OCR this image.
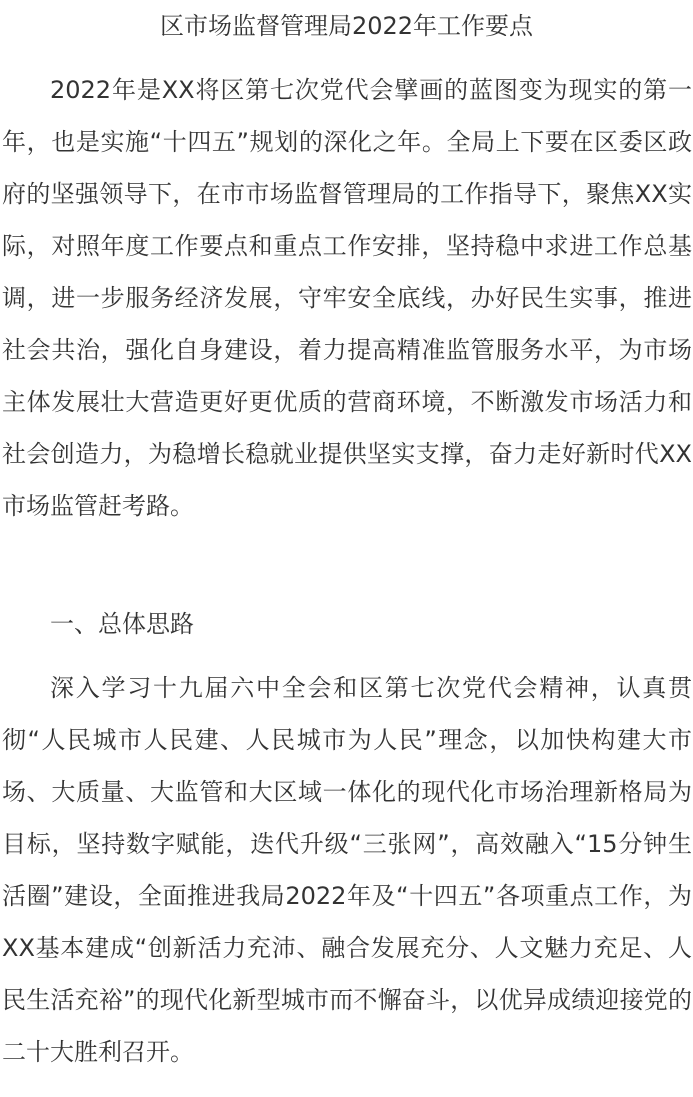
区市场监督管理局2022年工作要点

2022年是XX将区第七次党代会擘画的蓝图变为现实的第一年，也是实施“十四五”规划的深化之年。全局上下要在区委区政府的坚强领导下，在市市场监督管理局的工作指导下，聚焦XX实际，对照年度工作要点和重点工作安排，坚持稳中求进工作总基调，进一步服务经济发展，守牢安全底线，办好民生实事，推进社会共治，强化自身建设，着力提高精准监管服务水平，为市场主体发展壮大营造更好更优质的营商环境，不断激发市场活力和社会创造力，为稳增长稳就业提供坚实支撑，奋力走好新时代XX市场监管赶考路。

一、总体思路

深入学习十九届六中全会和区第七次党代会精神，认真贯彻“人民城市人民建、人民城市为人民”理念，以加快构建大市场、大质量、大监管和大区域一体化的现代化市场治理新格局为目标，坚持数字赋能，迭代升级“三张网”，高效融入“15分钟生活圈”建设，全面推进我局2022年及“十四五”各项重点工作，为XX基本建成“创新活力充沛、融合发展充分、人文魅力充足、人民生活充裕”的现代化新型城市而不懈奋斗，以优异成绩迎接党的二十大胜利召开。
